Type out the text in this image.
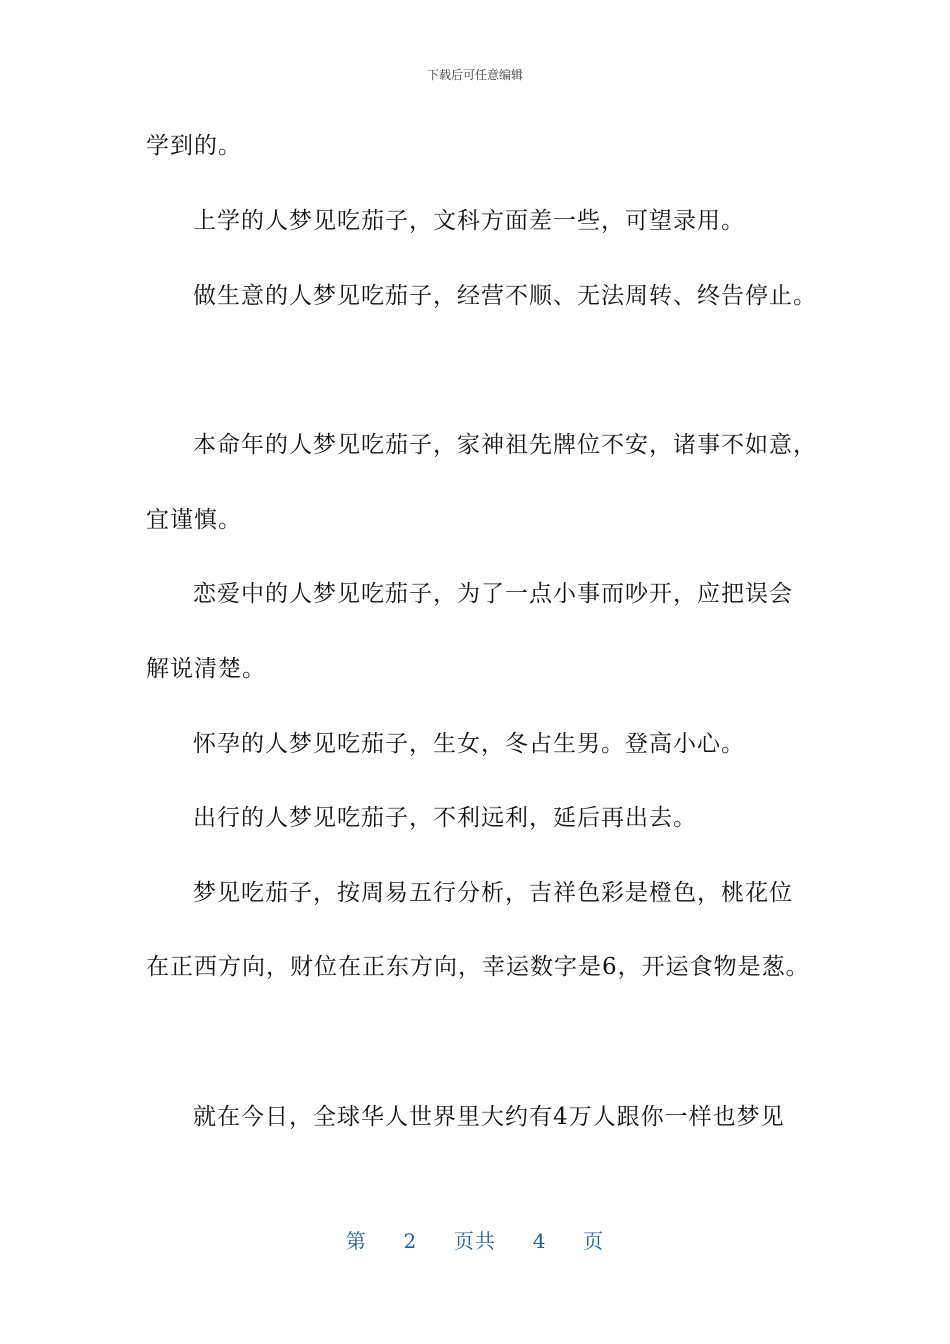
下载后可任意编辑
学到的。
上学的人梦见吃茄子，文科方面差一些，可望录用。
做生意的人梦见吃茄子，经营不顺、无法周转、终告停止。
本命年的人梦见吃茄子，家神祖先牌位不安，诸事不如意，
宜谨慎。
恋爱中的人梦见吃茄子，为了一点小事而吵开，应把误会
解说清楚。
怀孕的人梦见吃茄子，生女，冬占生男。登高小心。
出行的人梦见吃茄子，不利远利，延后再出去。
梦见吃茄子，按周易五行分析，吉祥色彩是橙色，桃花位
在正西方向，财位在正东方向，幸运数字是6，开运食物是葱。
就在今日，全球华人世界里大约有4万人跟你一样也梦见
第 2 页共 4 页
